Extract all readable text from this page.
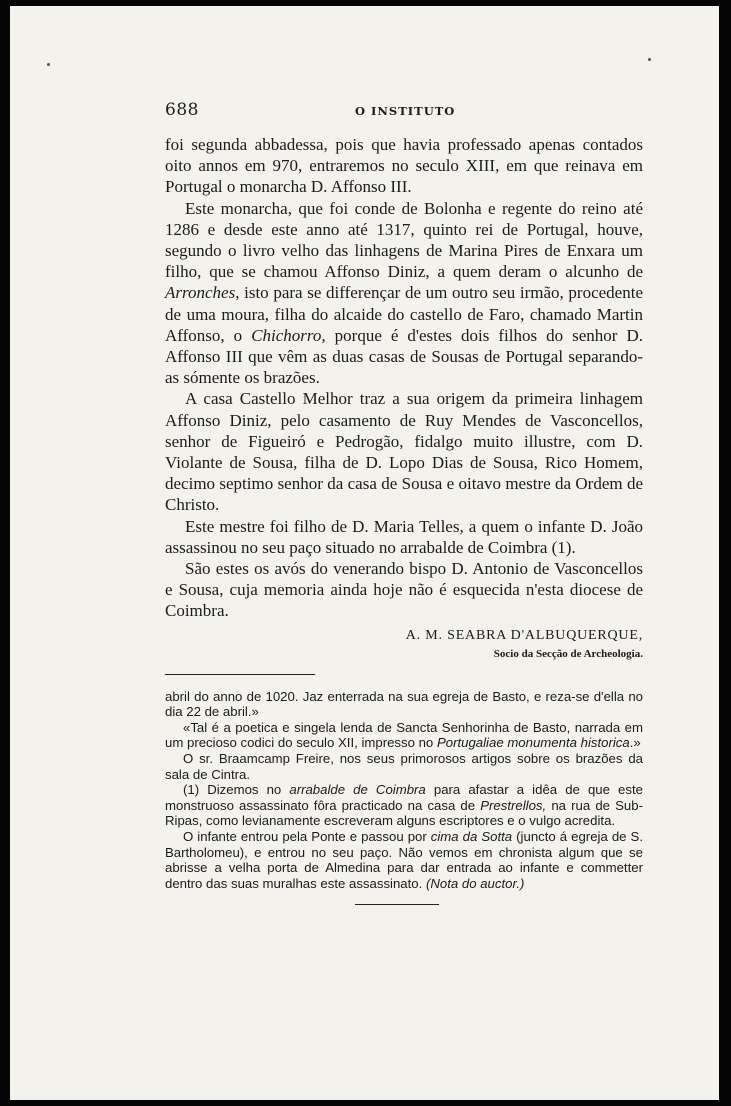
688	O INSTITUTO

foi segunda abbadessa, pois que havia professado apenas contados oito annos em 970, entraremos no seculo XIII, em que reinava em Portugal o monarcha D. Affonso III.

Este monarcha, que foi conde de Bolonha e regente do reino até 1286 e desde este anno até 1317, quinto rei de Portugal, houve, segundo o livro velho das linhagens de Marina Pires de Enxara um filho, que se chamou Affonso Diniz, a quem deram o alcunho de Arronches, isto para se differençar de um outro seu irmão, procedente de uma moura, filha do alcaide do castello de Faro, chamado Martin Affonso, o Chichorro, porque é d'estes dois filhos do senhor D. Affonso III que vêm as duas casas de Sousas de Portugal separando-as sómente os brazões.

A casa Castello Melhor traz a sua origem da primeira linhagem Affonso Diniz, pelo casamento de Ruy Mendes de Vasconcellos, senhor de Figueiró e Pedrogão, fidalgo muito illustre, com D. Violante de Sousa, filha de D. Lopo Dias de Sousa, Rico Homem, decimo septimo senhor da casa de Sousa e oitavo mestre da Ordem de Christo.

Este mestre foi filho de D. Maria Telles, a quem o infante D. João assassinou no seu paço situado no arrabalde de Coimbra (1).

São estes os avós do venerando bispo D. Antonio de Vasconcellos e Sousa, cuja memoria ainda hoje não é esquecida n'esta diocese de Coimbra.

A. M. SEABRA D'ALBUQUERQUE,
Socio da Secção de Archeologia.

abril do anno de 1020. Jaz enterrada na sua egreja de Basto, e reza-se d'ella no dia 22 de abril.»

«Tal é a poetica e singela lenda de Sancta Senhorinha de Basto, narrada em um precioso codici do seculo XII, impresso no Portugaliae monumenta historica.»

O sr. Braamcamp Freire, nos seus primorosos artigos sobre os brazões da sala de Cintra.

(1) Dizemos no arrabalde de Coimbra para afastar a idêa de que este monstruoso assassinato fôra practicado na casa de Prestrellos, na rua de Sub-Ripas, como levianamente escreveram alguns escriptores e o vulgo acredita.

O infante entrou pela Ponte e passou por cima da Sotta (juncto á egreja de S. Bartholomeu), e entrou no seu paço. Não vemos em chronista algum que se abrisse a velha porta de Almedina para dar entrada ao infante e commetter dentro das suas muralhas este assassinato. (Nota do auctor.)
